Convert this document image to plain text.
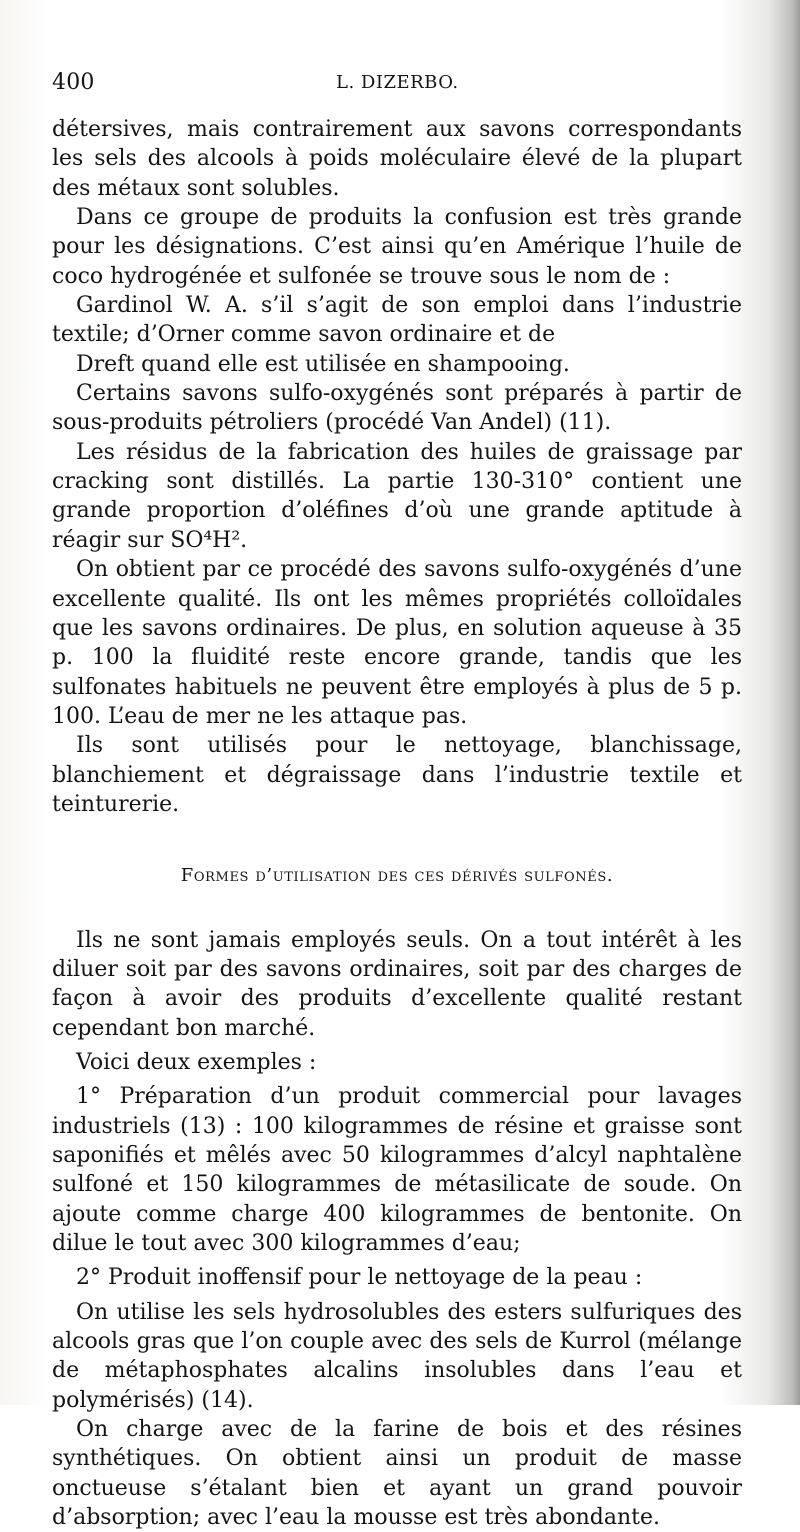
400	L. DIZERBO.

détersives, mais contrairement aux savons correspondants les sels des alcools à poids moléculaire élevé de la plupart des métaux sont solubles.

Dans ce groupe de produits la confusion est très grande pour les désignations. C’est ainsi qu’en Amérique l’huile de coco hydrogénée et sulfonée se trouve sous le nom de :

Gardinol W. A. s’il s’agit de son emploi dans l’industrie textile; d’Orner comme savon ordinaire et de

Dreft quand elle est utilisée en shampooing.

Certains savons sulfo-oxygénés sont préparés à partir de sous-produits pétroliers (procédé Van Andel) (11).

Les résidus de la fabrication des huiles de graissage par cracking sont distillés. La partie 130-310° contient une grande proportion d’oléfines d’où une grande aptitude à réagir sur SO⁴H².

On obtient par ce procédé des savons sulfo-oxygénés d’une excellente qualité. Ils ont les mêmes propriétés colloïdales que les savons ordinaires. De plus, en solution aqueuse à 35 p. 100 la fluidité reste encore grande, tandis que les sulfonates habituels ne peuvent être employés à plus de 5 p. 100. L’eau de mer ne les attaque pas.

Ils sont utilisés pour le nettoyage, blanchissage, blanchiement et dégraissage dans l’industrie textile et teinturerie.

Formes d’utilisation des ces dérivés sulfonés.

Ils ne sont jamais employés seuls. On a tout intérêt à les diluer soit par des savons ordinaires, soit par des charges de façon à avoir des produits d’excellente qualité restant cependant bon marché.

Voici deux exemples :

1° Préparation d’un produit commercial pour lavages industriels (13) : 100 kilogrammes de résine et graisse sont saponifiés et mêlés avec 50 kilogrammes d’alcyl naphtalène sulfoné et 150 kilogrammes de métasilicate de soude. On ajoute comme charge 400 kilogrammes de bentonite. On dilue le tout avec 300 kilogrammes d’eau;

2° Produit inoffensif pour le nettoyage de la peau :

On utilise les sels hydrosolubles des esters sulfuriques des alcools gras que l’on couple avec des sels de Kurrol (mélange de métaphosphates alcalins insolubles dans l’eau et polymérisés) (14).

On charge avec de la farine de bois et des résines synthétiques. On obtient ainsi un produit de masse onctueuse s’étalant bien et ayant un grand pouvoir d’absorption; avec l’eau la mousse est très abondante.
